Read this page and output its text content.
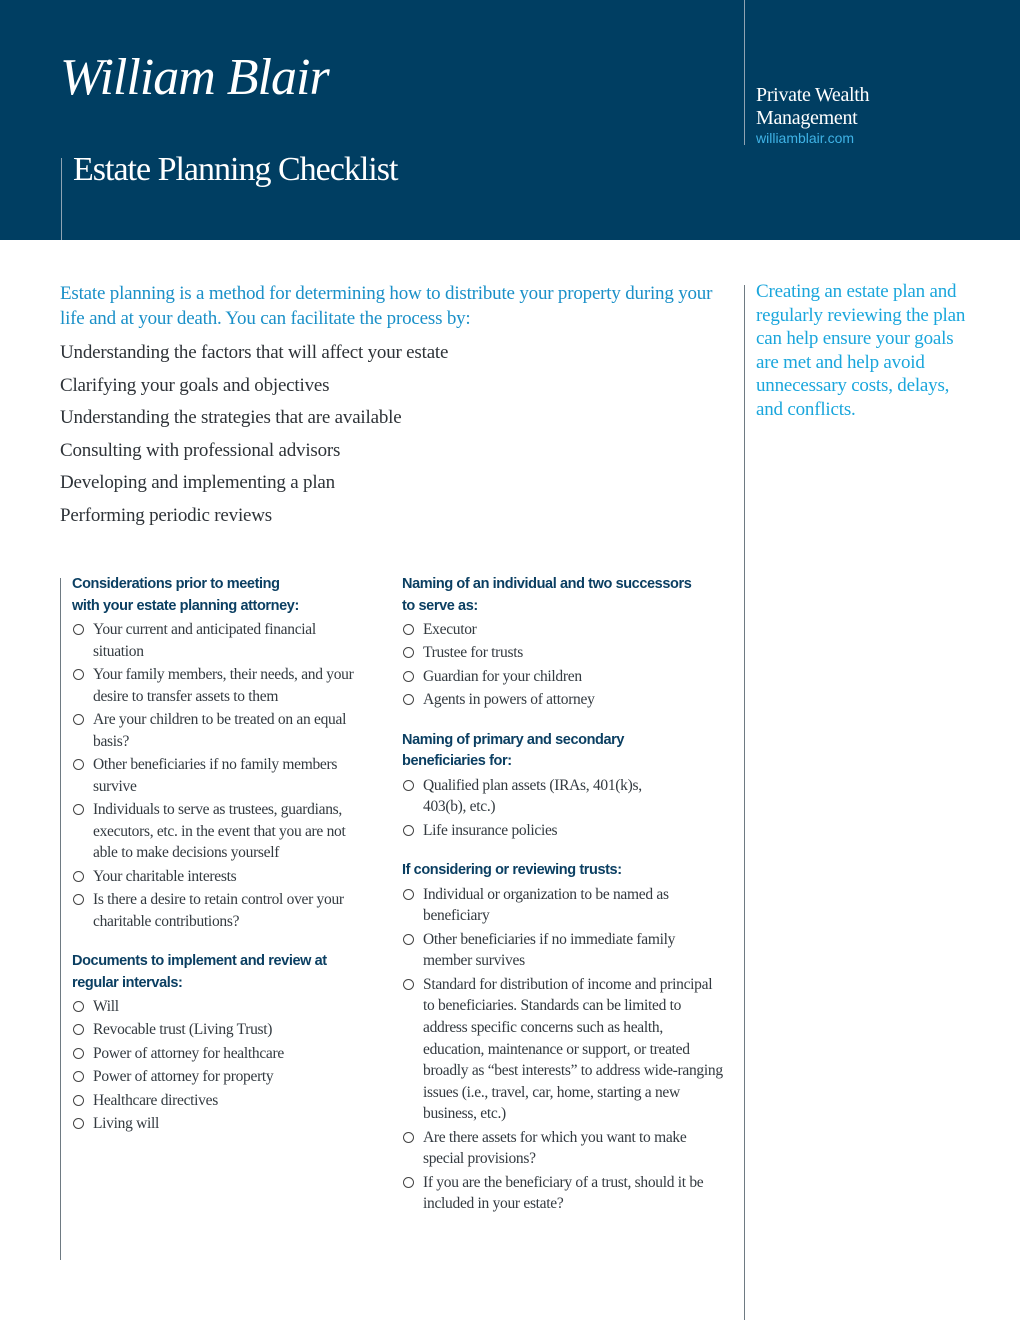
William Blair
Estate Planning Checklist
Private Wealth
Management
williamblair.com
Estate planning is a method for determining how to distribute your property during your life and at your death. You can facilitate the process by:
Understanding the factors that will affect your estate
Clarifying your goals and objectives
Understanding the strategies that are available
Consulting with professional advisors
Developing and implementing a plan
Performing periodic reviews
Creating an estate plan and regularly reviewing the plan can help ensure your goals are met and help avoid unnecessary costs, delays, and conflicts.
Considerations prior to meeting
with your estate planning attorney:
Your current and anticipated financial situation
Your family members, their needs, and your desire to transfer assets to them
Are your children to be treated on an equal basis?
Other beneficiaries if no family members survive
Individuals to serve as trustees, guardians, executors, etc. in the event that you are not able to make decisions yourself
Your charitable interests
Is there a desire to retain control over your charitable contributions?
Documents to implement and review at
regular intervals:
Will
Revocable trust (Living Trust)
Power of attorney for healthcare
Power of attorney for property
Healthcare directives
Living will
Naming of an individual and two successors
to serve as:
Executor
Trustee for trusts
Guardian for your children
Agents in powers of attorney
Naming of primary and secondary
beneficiaries for:
Qualified plan assets (IRAs, 401(k)s, 403(b), etc.)
Life insurance policies
If considering or reviewing trusts:
Individual or organization to be named as beneficiary
Other beneficiaries if no immediate family member survives
Standard for distribution of income and principal to beneficiaries. Standards can be limited to address specific concerns such as health, education, maintenance or support, or treated broadly as “best interests” to address wide-ranging issues (i.e., travel, car, home, starting a new business, etc.)
Are there assets for which you want to make special provisions?
If you are the beneficiary of a trust, should it be included in your estate?
